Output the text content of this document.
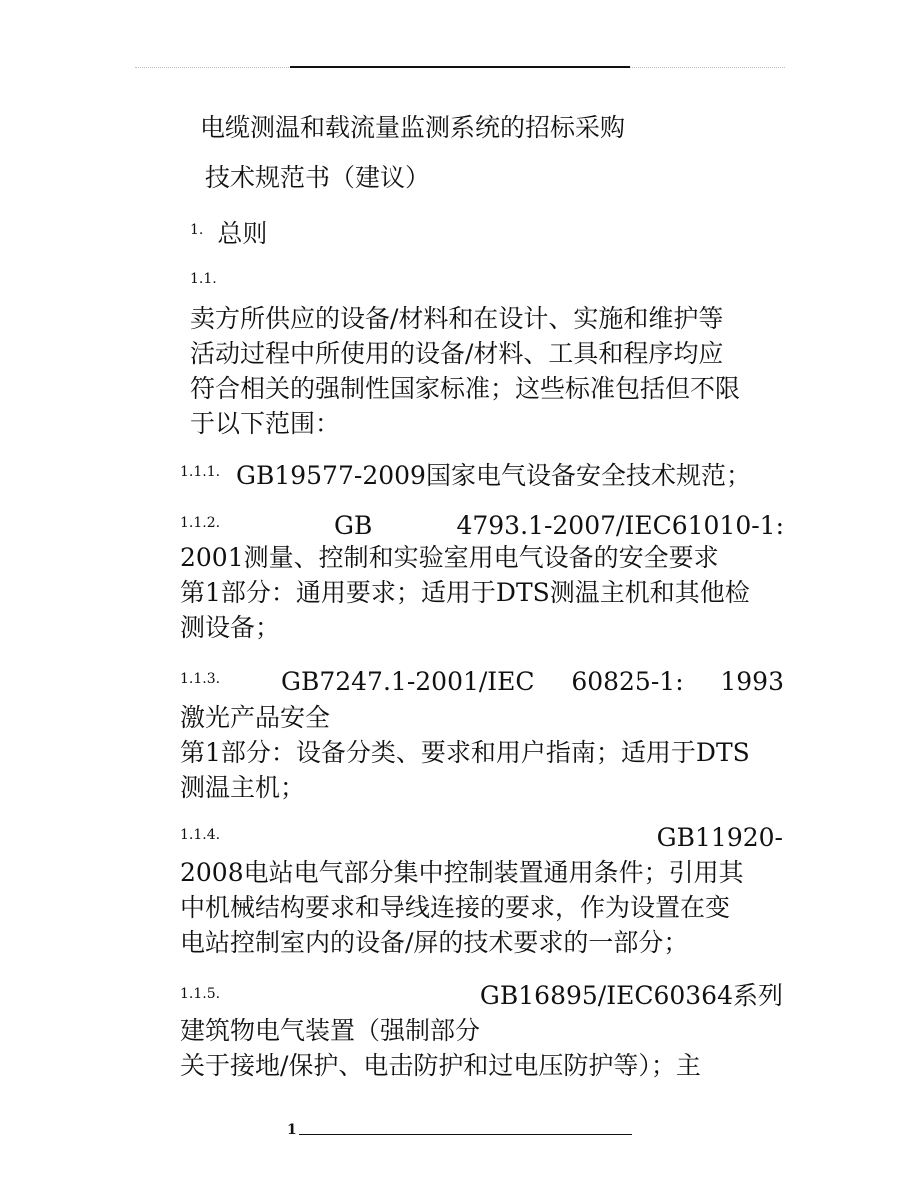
电缆测温和载流量监测系统的招标采购
技术规范书（建议）
1. 总则
1.1.
卖方所供应的设备/材料和在设计、实施和维护等
活动过程中所使用的设备/材料、工具和程序均应
符合相关的强制性国家标准；这些标准包括但不限
于以下范围：
1.1.1. GB19577-2009国家电气设备安全技术规范；
1.1.2.	GB	4793.1-2007/IEC61010-1:
2001测量、控制和实验室用电气设备的安全要求
第1部分：通用要求；适用于DTS测温主机和其他检
测设备；
1.1.3. GB7247.1-2001/IEC 60825-1: 1993
激光产品安全
第1部分：设备分类、要求和用户指南；适用于DTS
测温主机；
1.1.4.	GB11920-
2008电站电气部分集中控制装置通用条件；引用其
中机械结构要求和导线连接的要求，作为设置在变
电站控制室内的设备/屏的技术要求的一部分；
1.1.5.	GB16895/IEC60364系列
建筑物电气装置（强制部分
关于接地/保护、电击防护和过电压防护等）；主
1
